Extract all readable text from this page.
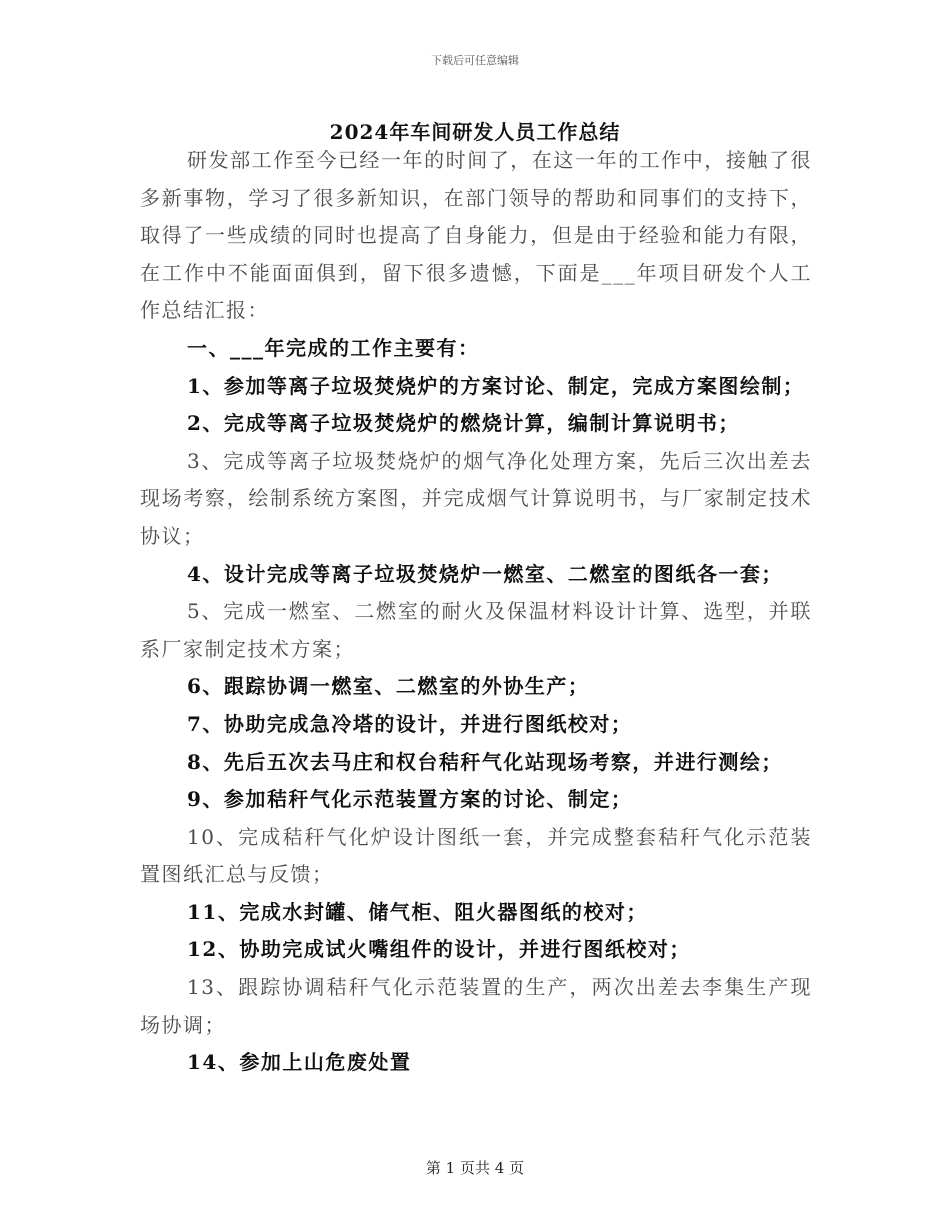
下载后可任意编辑
2024年车间研发人员工作总结

研发部工作至今已经一年的时间了，在这一年的工作中，接触了很多新事物，学习了很多新知识，在部门领导的帮助和同事们的支持下，取得了一些成绩的同时也提高了自身能力，但是由于经验和能力有限，在工作中不能面面俱到，留下很多遗憾，下面是___年项目研发个人工作总结汇报：

一、___年完成的工作主要有：

1、参加等离子垃圾焚烧炉的方案讨论、制定，完成方案图绘制；

2、完成等离子垃圾焚烧炉的燃烧计算，编制计算说明书；

3、完成等离子垃圾焚烧炉的烟气净化处理方案，先后三次出差去现场考察，绘制系统方案图，并完成烟气计算说明书，与厂家制定技术协议；

4、设计完成等离子垃圾焚烧炉一燃室、二燃室的图纸各一套；

5、完成一燃室、二燃室的耐火及保温材料设计计算、选型，并联系厂家制定技术方案；

6、跟踪协调一燃室、二燃室的外协生产；

7、协助完成急冷塔的设计，并进行图纸校对；

8、先后五次去马庄和权台秸秆气化站现场考察，并进行测绘；

9、参加秸秆气化示范装置方案的讨论、制定；

10、完成秸秆气化炉设计图纸一套，并完成整套秸秆气化示范装置图纸汇总与反馈；

11、完成水封罐、储气柜、阻火器图纸的校对；

12、协助完成试火嘴组件的设计，并进行图纸校对；

13、跟踪协调秸秆气化示范装置的生产，两次出差去李集生产现场协调；

14、参加上山危废处置

第 1 页共 4 页
